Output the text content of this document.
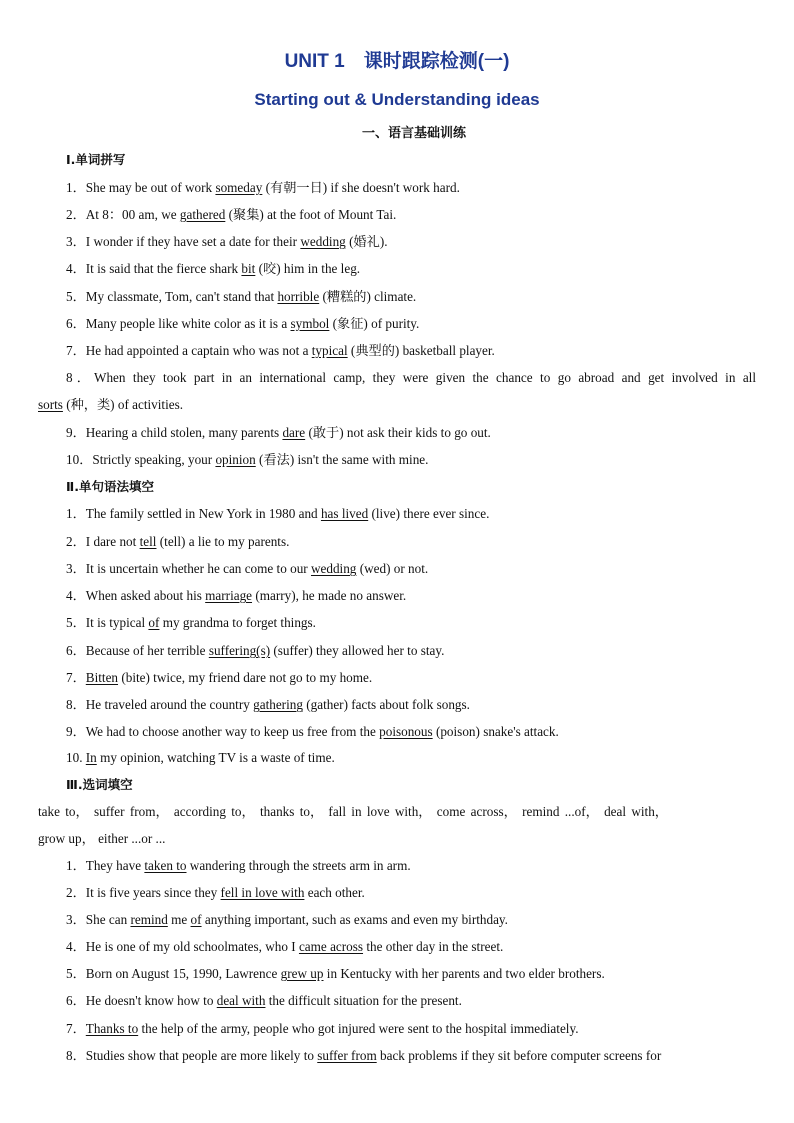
UNIT 1　课时跟踪检测(一)
Starting out & Understanding ideas
一、语言基础训练
Ⅰ.单词拼写
1．She may be out of work someday (有朝一日) if she doesn't work hard.
2．At 8：00 am, we gathered (聚集) at the foot of Mount Tai.
3．I wonder if they have set a date for their wedding (婚礼).
4．It is said that the fierce shark bit (咬) him in the leg.
5．My classmate, Tom, can't stand that horrible (糟糕的) climate.
6．Many people like white color as it is a symbol (象征) of purity.
7．He had appointed a captain who was not a typical (典型的) basketball player.
8．When they took part in an international camp, they were given the chance to go abroad and get involved in all
sorts (种，类) of activities.
9．Hearing a child stolen, many parents dare (敢于) not ask their kids to go out.
10．Strictly speaking, your opinion (看法) isn't the same with mine.
Ⅱ.单句语法填空
1．The family settled in New York in 1980 and has lived (live) there ever since.
2．I dare not tell (tell) a lie to my parents.
3．It is uncertain whether he can come to our wedding (wed) or not.
4．When asked about his marriage (marry), he made no answer.
5．It is typical of my grandma to forget things.
6．Because of her terrible suffering(s) (suffer) they allowed her to stay.
7．Bitten (bite) twice, my friend dare not go to my home.
8．He traveled around the country gathering (gather) facts about folk songs.
9．We had to choose another way to keep us free from the poisonous (poison) snake's attack.
10. In my opinion, watching TV is a waste of time.
Ⅲ.选词填空
take to， suffer from， according to， thanks to， fall in love with， come across， remind ...of， deal with，
grow up， either ...or ...
1．They have taken to wandering through the streets arm in arm.
2．It is five years since they fell in love with each other.
3．She can remind me of anything important, such as exams and even my birthday.
4．He is one of my old schoolmates, who I came across the other day in the street.
5．Born on August 15, 1990, Lawrence grew up in Kentucky with her parents and two elder brothers.
6．He doesn't know how to deal with the difficult situation for the present.
7．Thanks to the help of the army, people who got injured were sent to the hospital immediately.
8．Studies show that people are more likely to suffer from back problems if they sit before computer screens for
